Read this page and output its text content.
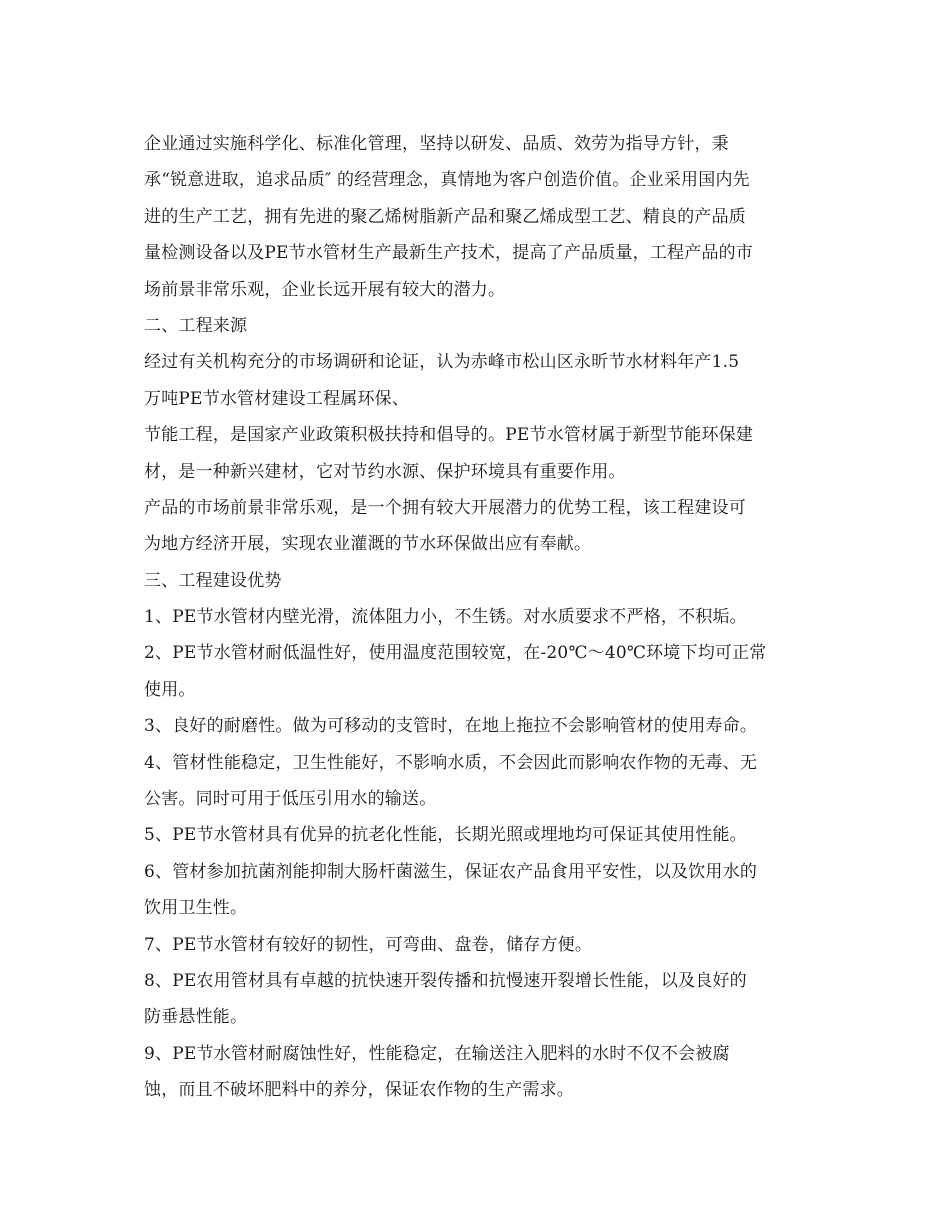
企业通过实施科学化、标准化管理，坚持以研发、品质、效劳为指导方针，秉
承“锐意进取，追求品质″ 的经营理念，真情地为客户创造价值。企业采用国内先
进的生产工艺，拥有先进的聚乙烯树脂新产品和聚乙烯成型工艺、精良的产品质
量检测设备以及PE节水管材生产最新生产技术，提高了产品质量，工程产品的市
场前景非常乐观，企业长远开展有较大的潜力。
二、工程来源
经过有关机构充分的市场调研和论证，认为赤峰市松山区永昕节水材料年产1.5
万吨PE节水管材建设工程属环保、
节能工程，是国家产业政策积极扶持和倡导的。PE节水管材属于新型节能环保建
材，是一种新兴建材，它对节约水源、保护环境具有重要作用。
产品的市场前景非常乐观，是一个拥有较大开展潜力的优势工程，该工程建设可
为地方经济开展，实现农业灌溉的节水环保做出应有奉献。
三、工程建设优势
1、PE节水管材内壁光滑，流体阻力小，不生锈。对水质要求不严格，不积垢。
2、PE节水管材耐低温性好，使用温度范围较宽，在-20℃～40℃环境下均可正常
使用。
3、良好的耐磨性。做为可移动的支管时，在地上拖拉不会影响管材的使用寿命。
4、管材性能稳定，卫生性能好，不影响水质，不会因此而影响农作物的无毒、无
公害。同时可用于低压引用水的输送。
5、PE节水管材具有优异的抗老化性能，长期光照或埋地均可保证其使用性能。
6、管材参加抗菌剂能抑制大肠杆菌滋生，保证农产品食用平安性，以及饮用水的
饮用卫生性。
7、PE节水管材有较好的韧性，可弯曲、盘卷，储存方便。
8、PE农用管材具有卓越的抗快速开裂传播和抗慢速开裂增长性能，以及良好的
防垂悬性能。
9、PE节水管材耐腐蚀性好，性能稳定，在输送注入肥料的水时不仅不会被腐
蚀，而且不破坏肥料中的养分，保证农作物的生产需求。
